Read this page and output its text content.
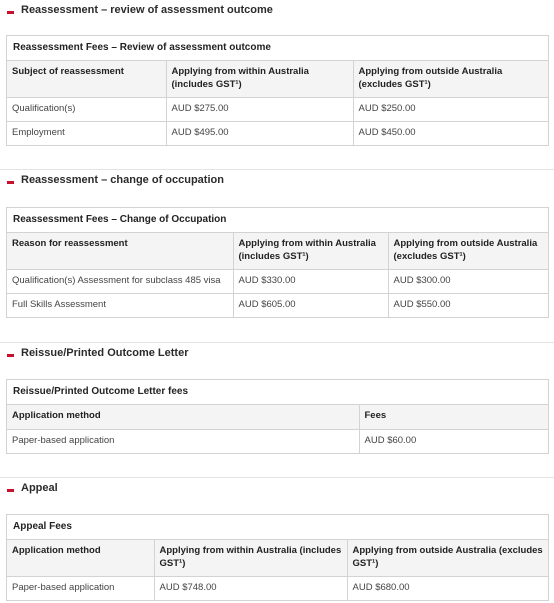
Reassessment – review of assessment outcome
Reassessment Fees – Review of assessment outcome
Subject of reassessment	Applying from within Australia (includes GST¹)	Applying from outside Australia (excludes GST¹)
Qualification(s)	AUD $275.00	AUD $250.00
Employment	AUD $495.00	AUD $450.00
Reassessment – change of occupation
Reassessment Fees – Change of Occupation
Reason for reassessment	Applying from within Australia (includes GST¹)	Applying from outside Australia (excludes GST¹)
Qualification(s) Assessment for subclass 485 visa	AUD $330.00	AUD $300.00
Full Skills Assessment	AUD $605.00	AUD $550.00
Reissue/Printed Outcome Letter
Reissue/Printed Outcome Letter fees
Application method	Fees
Paper-based application	AUD $60.00
Appeal
Appeal Fees
Application method	Applying from within Australia (includes GST¹)	Applying from outside Australia (excludes GST¹)
Paper-based application	AUD $748.00	AUD $680.00
